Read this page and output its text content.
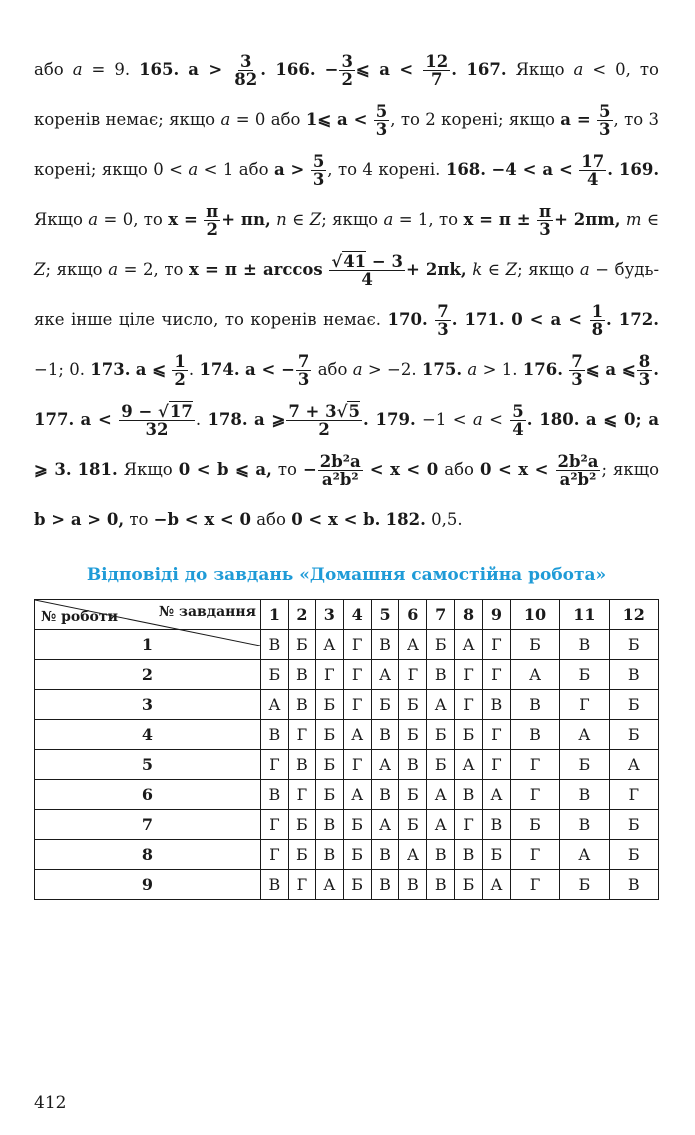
або a = 9. 165. $a > \frac{3}{82}$ . 166. − $\frac{3}{2}$ ⩽ $a < \frac{12}{7}$ . 167. Якщо a < 0, то коренів немає; якщо a = 0 або 1⩽ $a < \frac{5}{3}$ , то 2 корені; якщо $a = \frac{5}{3}$ , то 3 корені; якщо 0 < a < 1 або $a > \frac{5}{3}$ , то 4 корені. 168. $-4 < a < \frac{17}{4}$ . 169. Якщо a = 0, то $x = \frac{\pi}{2} + \pi n$, n ∈ Z; якщо a = 1, то $x = \pi \pm \frac{\pi}{3} + 2\pi m$, m ∈ Z; якщо a = 2, то $x = \pi \pm \arccos \frac{√41 - 3}{4} + 2\pi k$, k ∈ Z; якщо a − будь-яке інше ціле число, то коренів немає. 170. $\frac{7}{3}$ . 171. $0 < a < \frac{1}{8}$ . 172. −1; 0. 173. a ⩽ $\frac{1}{2}$ . 174. a < − $\frac{7}{3}$ або a > −2. 175. a > 1. 176. $\frac{7}{3}$ ⩽ a ⩽ $\frac{8}{3}$ . 177. $a < \frac{9 - √17}{32}$ . 178. a ⩾ $\frac{7 + 3√5}{2}$ . 179. $-1 < a < \frac{5}{4}$ . 180. a ⩽ 0; a ⩾ 3. 181. Якщо 0 < b ⩽ a, то − $\frac{\text{2b²a}}{\text{a²b²}} < x < 0$ або $0 < x < \frac{\text{2b²a}}{\text{a²b²}}$ ; якщо b > a > 0, то −b < x < 0 або 0 < x < b. 182. 0,5.
Відповіді до завдань «Домашня самостійна робота»
№ завдання
№ роботи	1	2	3	4	5	6	7	8	9	10	11	12
1	В	Б	А	Г	В	А	Б	А	Г	Б	В	Б
2	Б	В	Г	Г	А	Г	В	Г	Г	А	Б	В
3	А	В	Б	Г	Б	Б	А	Г	В	В	Г	Б
4	В	Г	Б	А	В	Б	Б	Б	Г	В	А	Б
5	Г	В	Б	Г	А	В	Б	А	Г	Г	Б	А
6	В	Г	Б	А	В	Б	А	В	А	Г	В	Г
7	Г	Б	В	Б	А	Б	А	Г	В	Б	В	Б
8	Г	Б	В	Б	В	А	В	В	Б	Г	А	Б
9	В	Г	А	Б	В	В	В	Б	А	Г	Б	В
412
